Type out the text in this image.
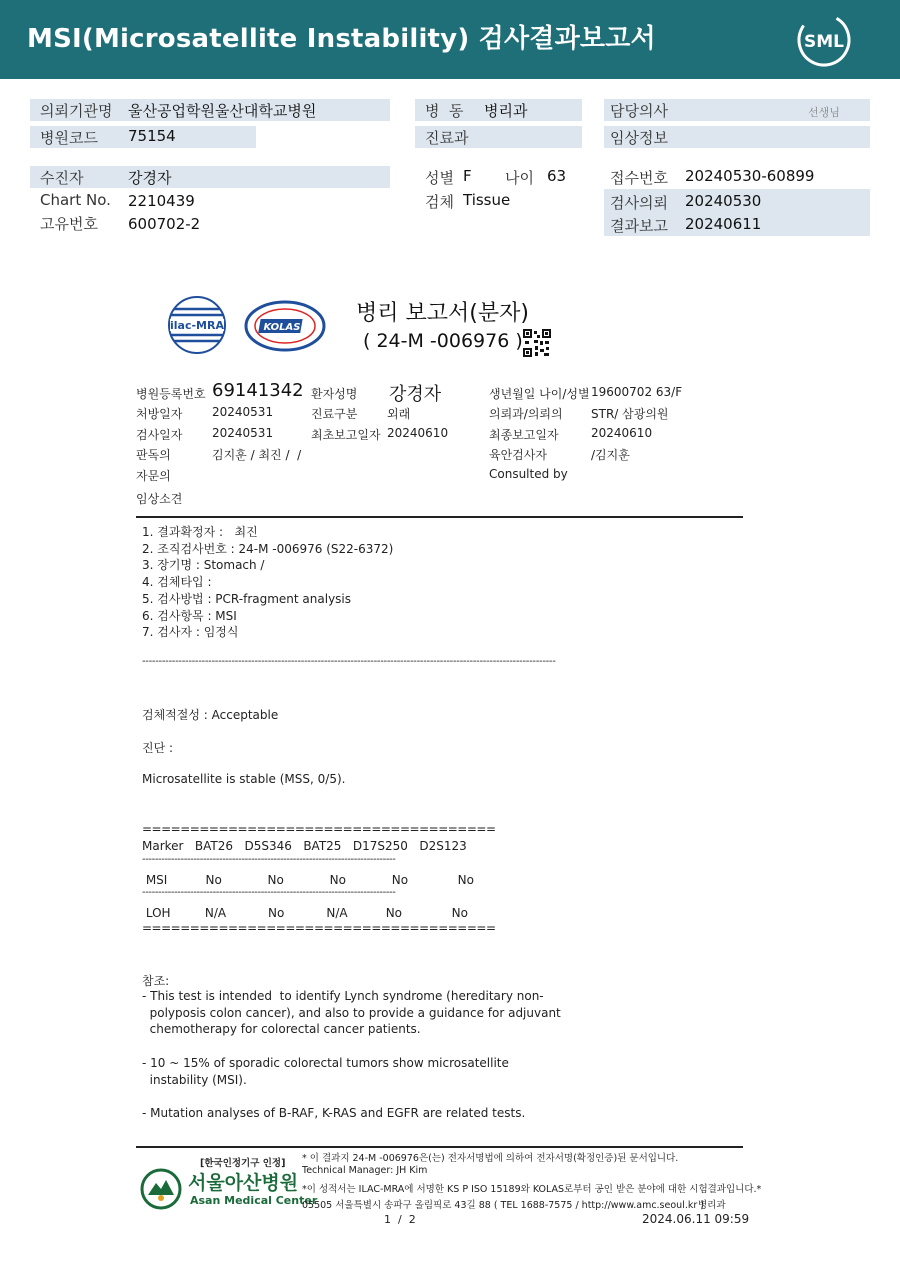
MSI(Microsatellite Instability) 검사결과보고서	SML
의뢰기관명 울산공업학원울산대학교병원
병원코드 75154
병  동 병리과
진료과
담당의사	선생님
임상정보
수진자	강경자
Chart No. 2210439
고유번호 600702-2
성별 F 나이 63
검체 Tissue
접수번호 20240530-60899
검사의뢰 20240530
결과보고 20240611
ilac-MRA	KOLAS
병리 보고서(분자)
( 24-M -006976 )
병원등록번호 69141342 환자성명 강경자	생년월일 나이/성별 19600702 63/F
처방일자 20240531	진료구분 외래	의뢰과/의뢰의 STR/ 삼광의원
검사일자 20240531	최초보고일자 20240610	최종보고일자	20240610
판독의	김지훈 / 최진 /  /	육안검사자	/김지훈
자문의	Consulted by
임상소견
1. 결과확정자 :   최진
2. 조직검사번호 : 24-M -006976 (S22-6372)
3. 장기명 : Stomach /
4. 검체타입 :
5. 검사방법 : PCR-fragment analysis
6. 검사항목 : MSI
7. 검사자 : 임정식
-----------------------------------------------------------------------------------------------------------------------------
검체적절성 : Acceptable
진단 :
Microsatellite is stable (MSS, 0/5).
=====================================
Marker   BAT26   D5S346   BAT25   D17S250   D2S123
-------------------------------------------------------------------------------
MSI          No            No            No            No             No
-------------------------------------------------------------------------------
LOH         N/A           No           N/A          No             No
=====================================
참조:
- This test is intended  to identify Lynch syndrome (hereditary non-
polyposis colon cancer), and also to provide a guidance for adjuvant
chemotherapy for colorectal cancer patients.
- 10 ~ 15% of sporadic colorectal tumors show microsatellite
instability (MSI).
- Mutation analyses of B-RAF, K-RAS and EGFR are related tests.
[한국인정기구 인정]
서울아산병원
Asan Medical Center
* 이 결과지 24-M -006976은(는) 전자서명법에 의하여 전자서명(확정인증)된 문서입니다.
Technical Manager: JH Kim
*이 성적서는 ILAC-MRA에 서명한 KS P ISO 15189와 KOLAS로부터 공인 받은 분야에 대한 시험결과입니다.*
05505 서울특별시 송파구 올림픽로 43길 88 ( TEL 1688-7575 / http://www.amc.seoul.kr )
병리과
1  /  2	2024.06.11 09:59
